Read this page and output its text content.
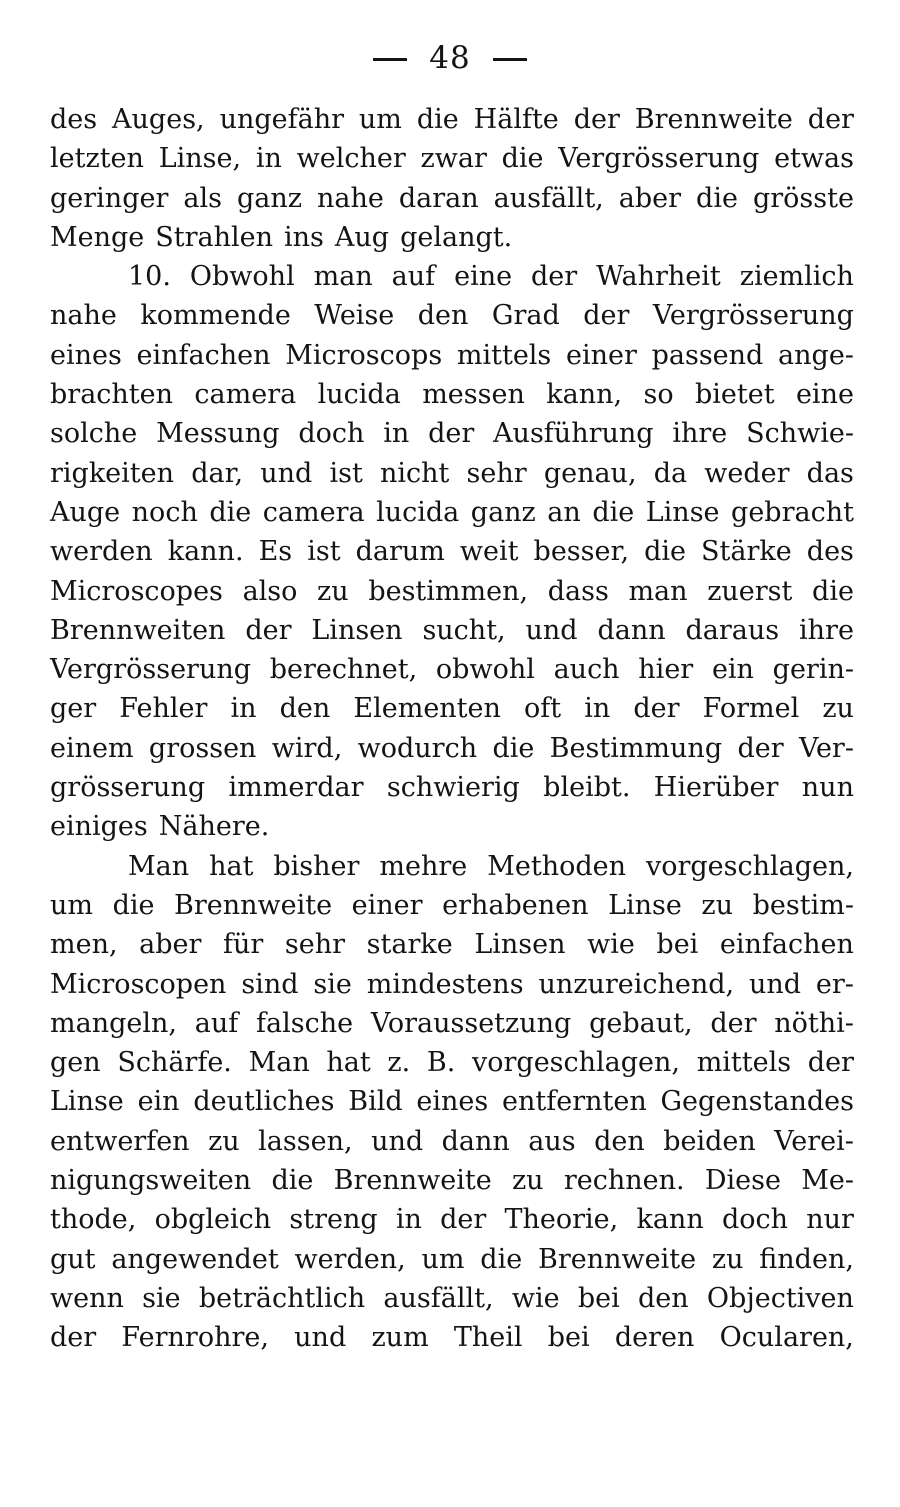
48
des Auges, ungefähr um die Hälfte der Brennweite der
letzten Linse, in welcher zwar die Vergrösserung etwas
geringer als ganz nahe daran ausfällt, aber die grösste
Menge Strahlen ins Aug gelangt.
10. Obwohl man auf eine der Wahrheit ziemlich
nahe kommende Weise den Grad der Vergrösserung
eines einfachen Microscops mittels einer passend ange-
brachten camera lucida messen kann, so bietet eine
solche Messung doch in der Ausführung ihre Schwie-
rigkeiten dar, und ist nicht sehr genau, da weder das
Auge noch die camera lucida ganz an die Linse gebracht
werden kann. Es ist darum weit besser, die Stärke des
Microscopes also zu bestimmen, dass man zuerst die
Brennweiten der Linsen sucht, und dann daraus ihre
Vergrösserung berechnet, obwohl auch hier ein gerin-
ger Fehler in den Elementen oft in der Formel zu
einem grossen wird, wodurch die Bestimmung der Ver-
grösserung immerdar schwierig bleibt. Hierüber nun
einiges Nähere.
Man hat bisher mehre Methoden vorgeschlagen,
um die Brennweite einer erhabenen Linse zu bestim-
men, aber für sehr starke Linsen wie bei einfachen
Microscopen sind sie mindestens unzureichend, und er-
mangeln, auf falsche Voraussetzung gebaut, der nöthi-
gen Schärfe. Man hat z. B. vorgeschlagen, mittels der
Linse ein deutliches Bild eines entfernten Gegenstandes
entwerfen zu lassen, und dann aus den beiden Verei-
nigungsweiten die Brennweite zu rechnen. Diese Me-
thode, obgleich streng in der Theorie, kann doch nur
gut angewendet werden, um die Brennweite zu finden,
wenn sie beträchtlich ausfällt, wie bei den Objectiven
der Fernrohre, und zum Theil bei deren Ocularen,
